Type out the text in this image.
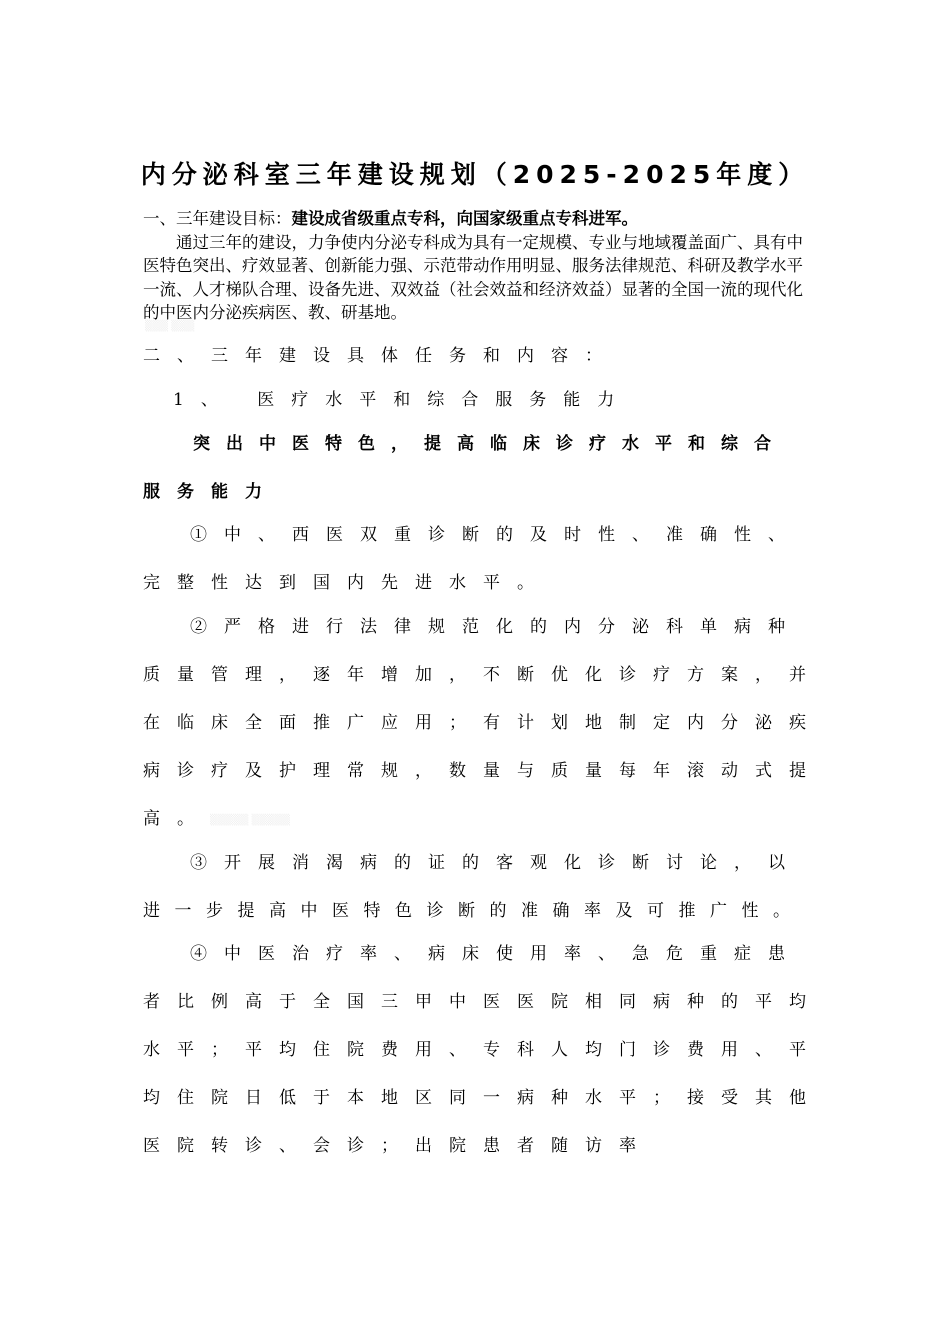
内分泌科室三年建设规划（2025-2025年度）

一、三年建设目标：建设成省级重点专科，向国家级重点专科进军。

通过三年的建设，力争使内分泌专科成为具有一定规模、专业与地域覆盖面广、具有中医特色突出、疗效显著、创新能力强、示范带动作用明显、服务法律规范、科研及教学水平一流、人才梯队合理、设备先进、双效益（社会效益和经济效益）显著的全国一流的现代化的中医内分泌疾病医、教、研基地。

▒▒▒ ▒▒▒
二、三年建设具体任务和内容：
1、 医疗水平和综合服务能力
突出中医特色，提高临床诊疗水平和综合
服务能力
①中、西医双重诊断的及时性、准确性、
完整性达到国内先进水平。
②严格进行法律规范化的内分泌科单病种
质量管理，逐年增加，不断优化诊疗方案，并
在临床全面推广应用；有计划地制定内分泌疾
病诊疗及护理常规，数量与质量每年滚动式提
高。 ▒▒▒▒▒ ▒▒▒▒▒
③开展消渴病的证的客观化诊断讨论，以
进一步提高中医特色诊断的准确率及可推广性。
④中医治疗率、病床使用率、急危重症患
者比例高于全国三甲中医医院相同病种的平均
水平；平均住院费用、专科人均门诊费用、平
均住院日低于本地区同一病种水平；接受其他
医院转诊、会诊；出院患者随访率
